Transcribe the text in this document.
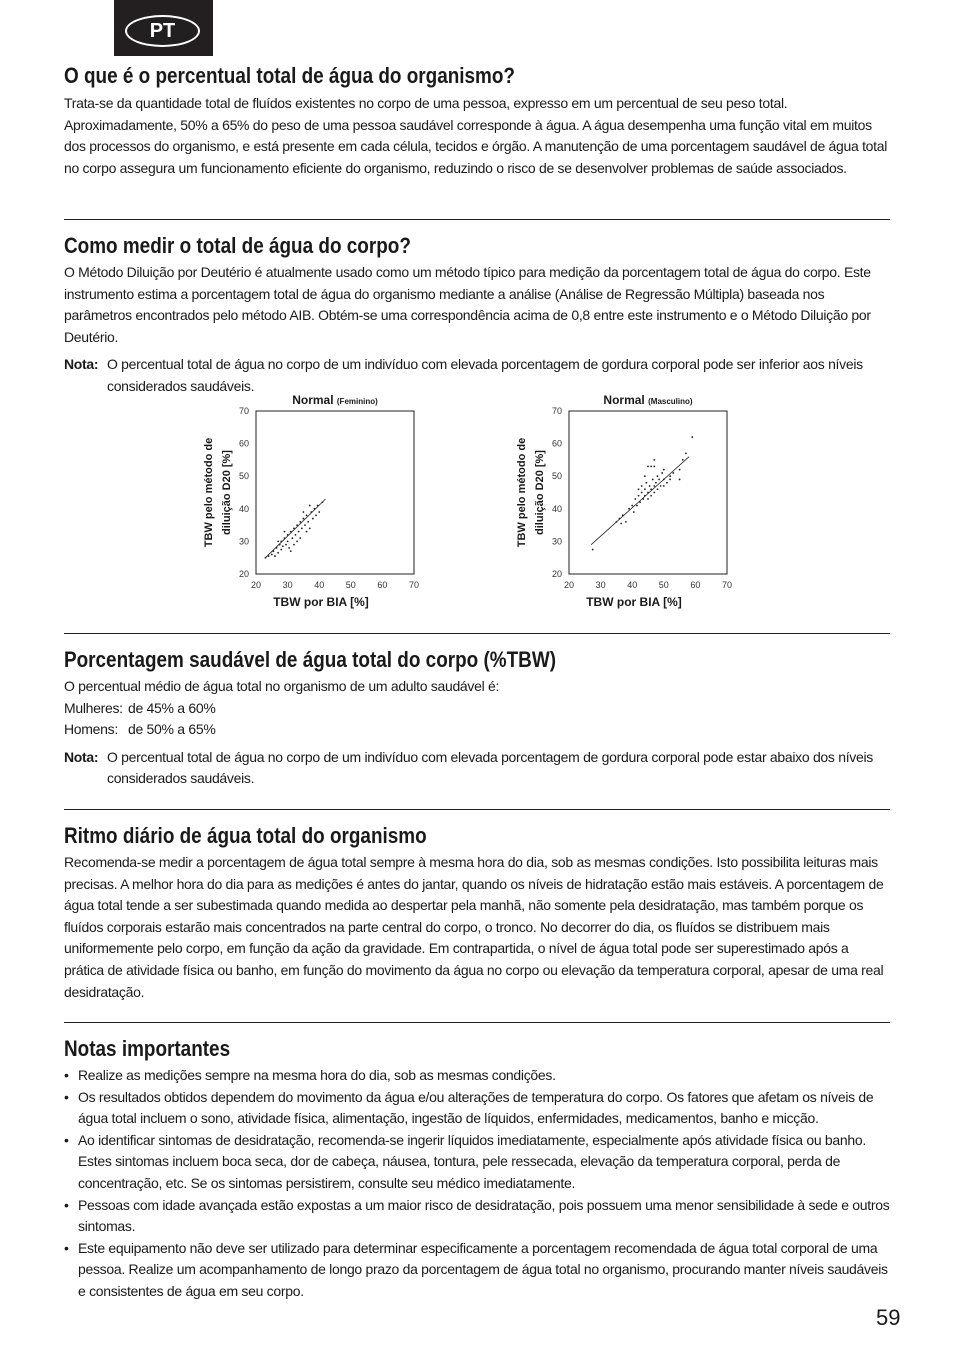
PT
O que é o percentual total de água do organismo?

Trata-se da quantidade total de fluídos existentes no corpo de uma pessoa, expresso em um percentual de seu peso total. Aproximadamente, 50% a 65% do peso de uma pessoa saudável corresponde à água. A água desempenha uma função vital em muitos dos processos do organismo, e está presente em cada célula, tecidos e órgão. A manutenção de uma porcentagem saudável de água total no corpo assegura um funcionamento eficiente do organismo, reduzindo o risco de se desenvolver problemas de saúde associados.

Como medir o total de água do corpo?

O Método Diluição por Deutério é atualmente usado como um método típico para medição da porcentagem total de água do corpo. Este instrumento estima a porcentagem total de água do organismo mediante a análise (Análise de Regressão Múltipla) baseada nos parâmetros encontrados pelo método AIB. Obtém-se uma correspondência acima de 0,8 entre este instrumento e o Método Diluição por Deutério.

Nota: O percentual total de água no corpo de um indivíduo com elevada porcentagem de gordura corporal pode ser inferior aos níveis considerados saudáveis.
Normal (Feminino)
20 30 40 50 60 70
20
30
40
50
60
70
TBW por BIA [%]
TBW pelo método de diluição D20 [%]
Normal (Masculino)
20 30 40 50 60 70
20
30
40
50
60
70
TBW por BIA [%]
TBW pelo método de diluição D20 [%]
Porcentagem saudável de água total do corpo (%TBW)

O percentual médio de água total no organismo de um adulto saudável é:

Mulheres: de 45% a 60%
Homens: de 50% a 65%
Nota: O percentual total de água no corpo de um indivíduo com elevada porcentagem de gordura corporal pode estar abaixo dos níveis considerados saudáveis.
Ritmo diário de água total do organismo

Recomenda-se medir a porcentagem de água total sempre à mesma hora do dia, sob as mesmas condições. Isto possibilita leituras mais precisas. A melhor hora do dia para as medições é antes do jantar, quando os níveis de hidratação estão mais estáveis. A porcentagem de água total tende a ser subestimada quando medida ao despertar pela manhã, não somente pela desidratação, mas também porque os fluídos corporais estarão mais concentrados na parte central do corpo, o tronco. No decorrer do dia, os fluídos se distribuem mais uniformemente pelo corpo, em função da ação da gravidade. Em contrapartida, o nível de água total pode ser superestimado após a prática de atividade física ou banho, em função do movimento da água no corpo ou elevação da temperatura corporal, apesar de uma real desidratação.

Notas importantes
• Realize as medições sempre na mesma hora do dia, sob as mesmas condições.
• Os resultados obtidos dependem do movimento da água e/ou alterações de temperatura do corpo. Os fatores que afetam os níveis de água total incluem o sono, atividade física, alimentação, ingestão de líquidos, enfermidades, medicamentos, banho e micção.
• Ao identificar sintomas de desidratação, recomenda-se ingerir líquidos imediatamente, especialmente após atividade física ou banho. Estes sintomas incluem boca seca, dor de cabeça, náusea, tontura, pele ressecada, elevação da temperatura corporal, perda de concentração, etc. Se os sintomas persistirem, consulte seu médico imediatamente.
• Pessoas com idade avançada estão expostas a um maior risco de desidratação, pois possuem uma menor sensibilidade à sede e outros sintomas.
• Este equipamento não deve ser utilizado para determinar especificamente a porcentagem recomendada de água total corporal de uma pessoa. Realize um acompanhamento de longo prazo da porcentagem de água total no organismo, procurando manter níveis saudáveis e consistentes de água em seu corpo.
59
